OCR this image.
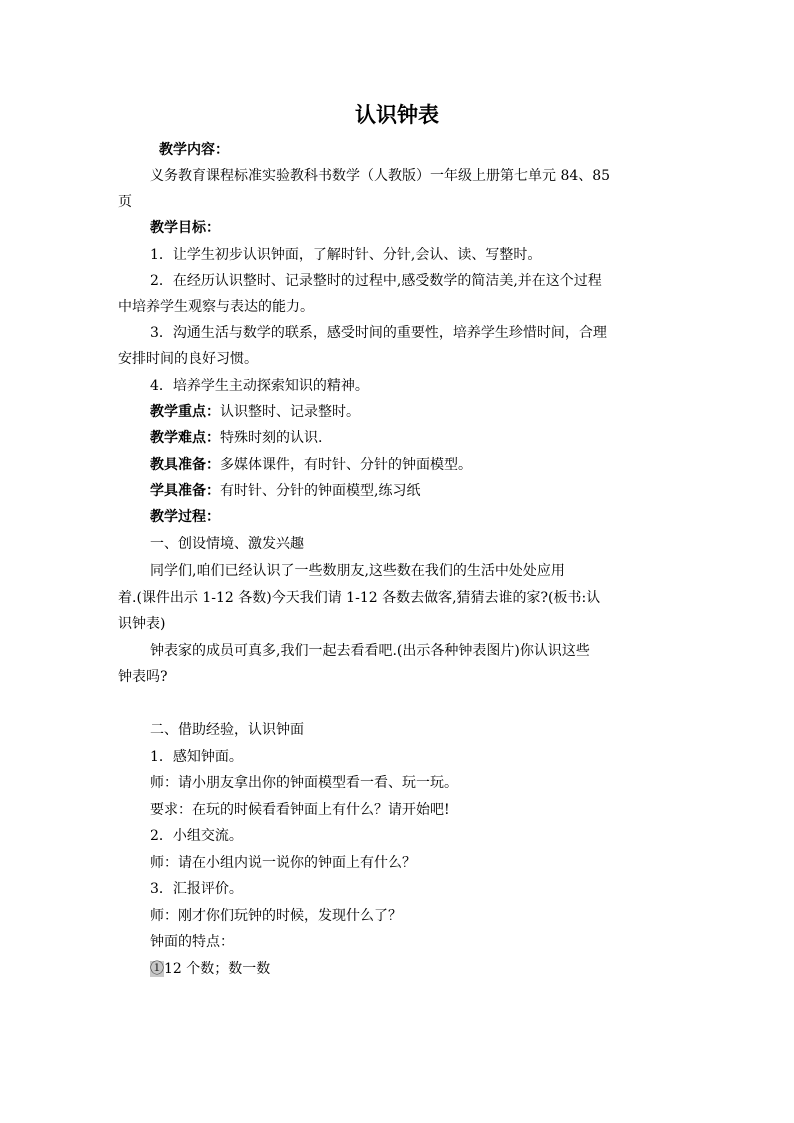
认识钟表
教学内容：
义务教育课程标准实验教科书数学（人教版）一年级上册第七单元 84、85
页
教学目标：
1．让学生初步认识钟面，了解时针、分针,会认、读、写整时。
2．在经历认识整时、记录整时的过程中,感受数学的简洁美,并在这个过程
中培养学生观察与表达的能力。
3．沟通生活与数学的联系，感受时间的重要性，培养学生珍惜时间，合理
安排时间的良好习惯。
4．培养学生主动探索知识的精神。
教学重点：认识整时、记录整时。
教学难点：特殊时刻的认识.
教具准备：多媒体课件，有时针、分针的钟面模型。
学具准备：有时针、分针的钟面模型,练习纸
教学过程：
一、创设情境、激发兴趣
同学们,咱们已经认识了一些数朋友,这些数在我们的生活中处处应用
着.(课件出示 1-12 各数)今天我们请 1-12 各数去做客,猜猜去谁的家?(板书:认
识钟表)
钟表家的成员可真多,我们一起去看看吧.(出示各种钟表图片)你认识这些
钟表吗?
二、借助经验，认识钟面
1．感知钟面。
师：请小朋友拿出你的钟面模型看一看、玩一玩。
要求：在玩的时候看看钟面上有什么？请开始吧!
2．小组交流。
师：请在小组内说一说你的钟面上有什么？
3．汇报评价。
师：刚才你们玩钟的时候，发现什么了？
钟面的特点：
①12 个数；数一数
